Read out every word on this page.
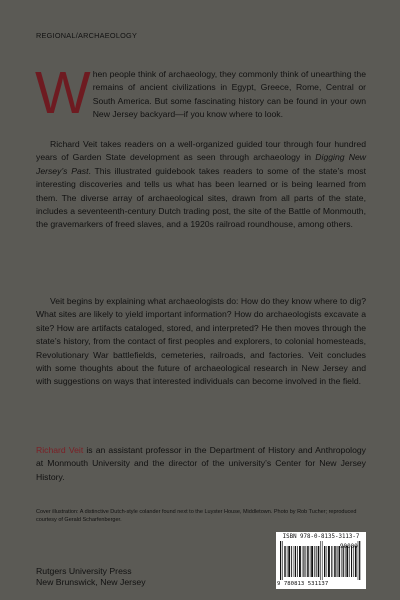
REGIONAL/ARCHAEOLOGY
W hen people think of archaeology, they commonly think of unearthing the remains of ancient civilizations in Egypt, Greece, Rome, Central or South America. But some fascinating history can be found in your own New Jersey backyard—if you know where to look.
Richard Veit takes readers on a well-organized guided tour through four hundred years of Garden State development as seen through archaeology in Digging New Jersey’s Past. This illustrated guidebook takes readers to some of the state’s most interesting discoveries and tells us what has been learned or is being learned from them. The diverse array of archaeological sites, drawn from all parts of the state, includes a seventeenth-century Dutch trading post, the site of the Battle of Monmouth, the gravemarkers of freed slaves, and a 1920s railroad roundhouse, among others.
Veit begins by explaining what archaeologists do: How do they know where to dig? What sites are likely to yield important information? How do archaeologists excavate a site? How are artifacts cataloged, stored, and interpreted? He then moves through the state’s history, from the contact of first peoples and explorers, to colonial homesteads, Revolutionary War battlefields, cemeteries, railroads, and factories. Veit concludes with some thoughts about the future of archaeological research in New Jersey and with suggestions on ways that interested individuals can become involved in the field.
Richard Veit is an assistant professor in the Department of History and Anthropology at Monmouth University and the director of the university’s Center for New Jersey History.
Cover illustration: A distinctive Dutch-style colander found next to the Luyster House, Middletown. Photo by Rob Tucher; reproduced courtesy of Gerald Scharfenberger.
Rutgers University Press
New Brunswick, New Jersey
ISBN 978-0-8135-3113-7
90000
9 780813 531137
